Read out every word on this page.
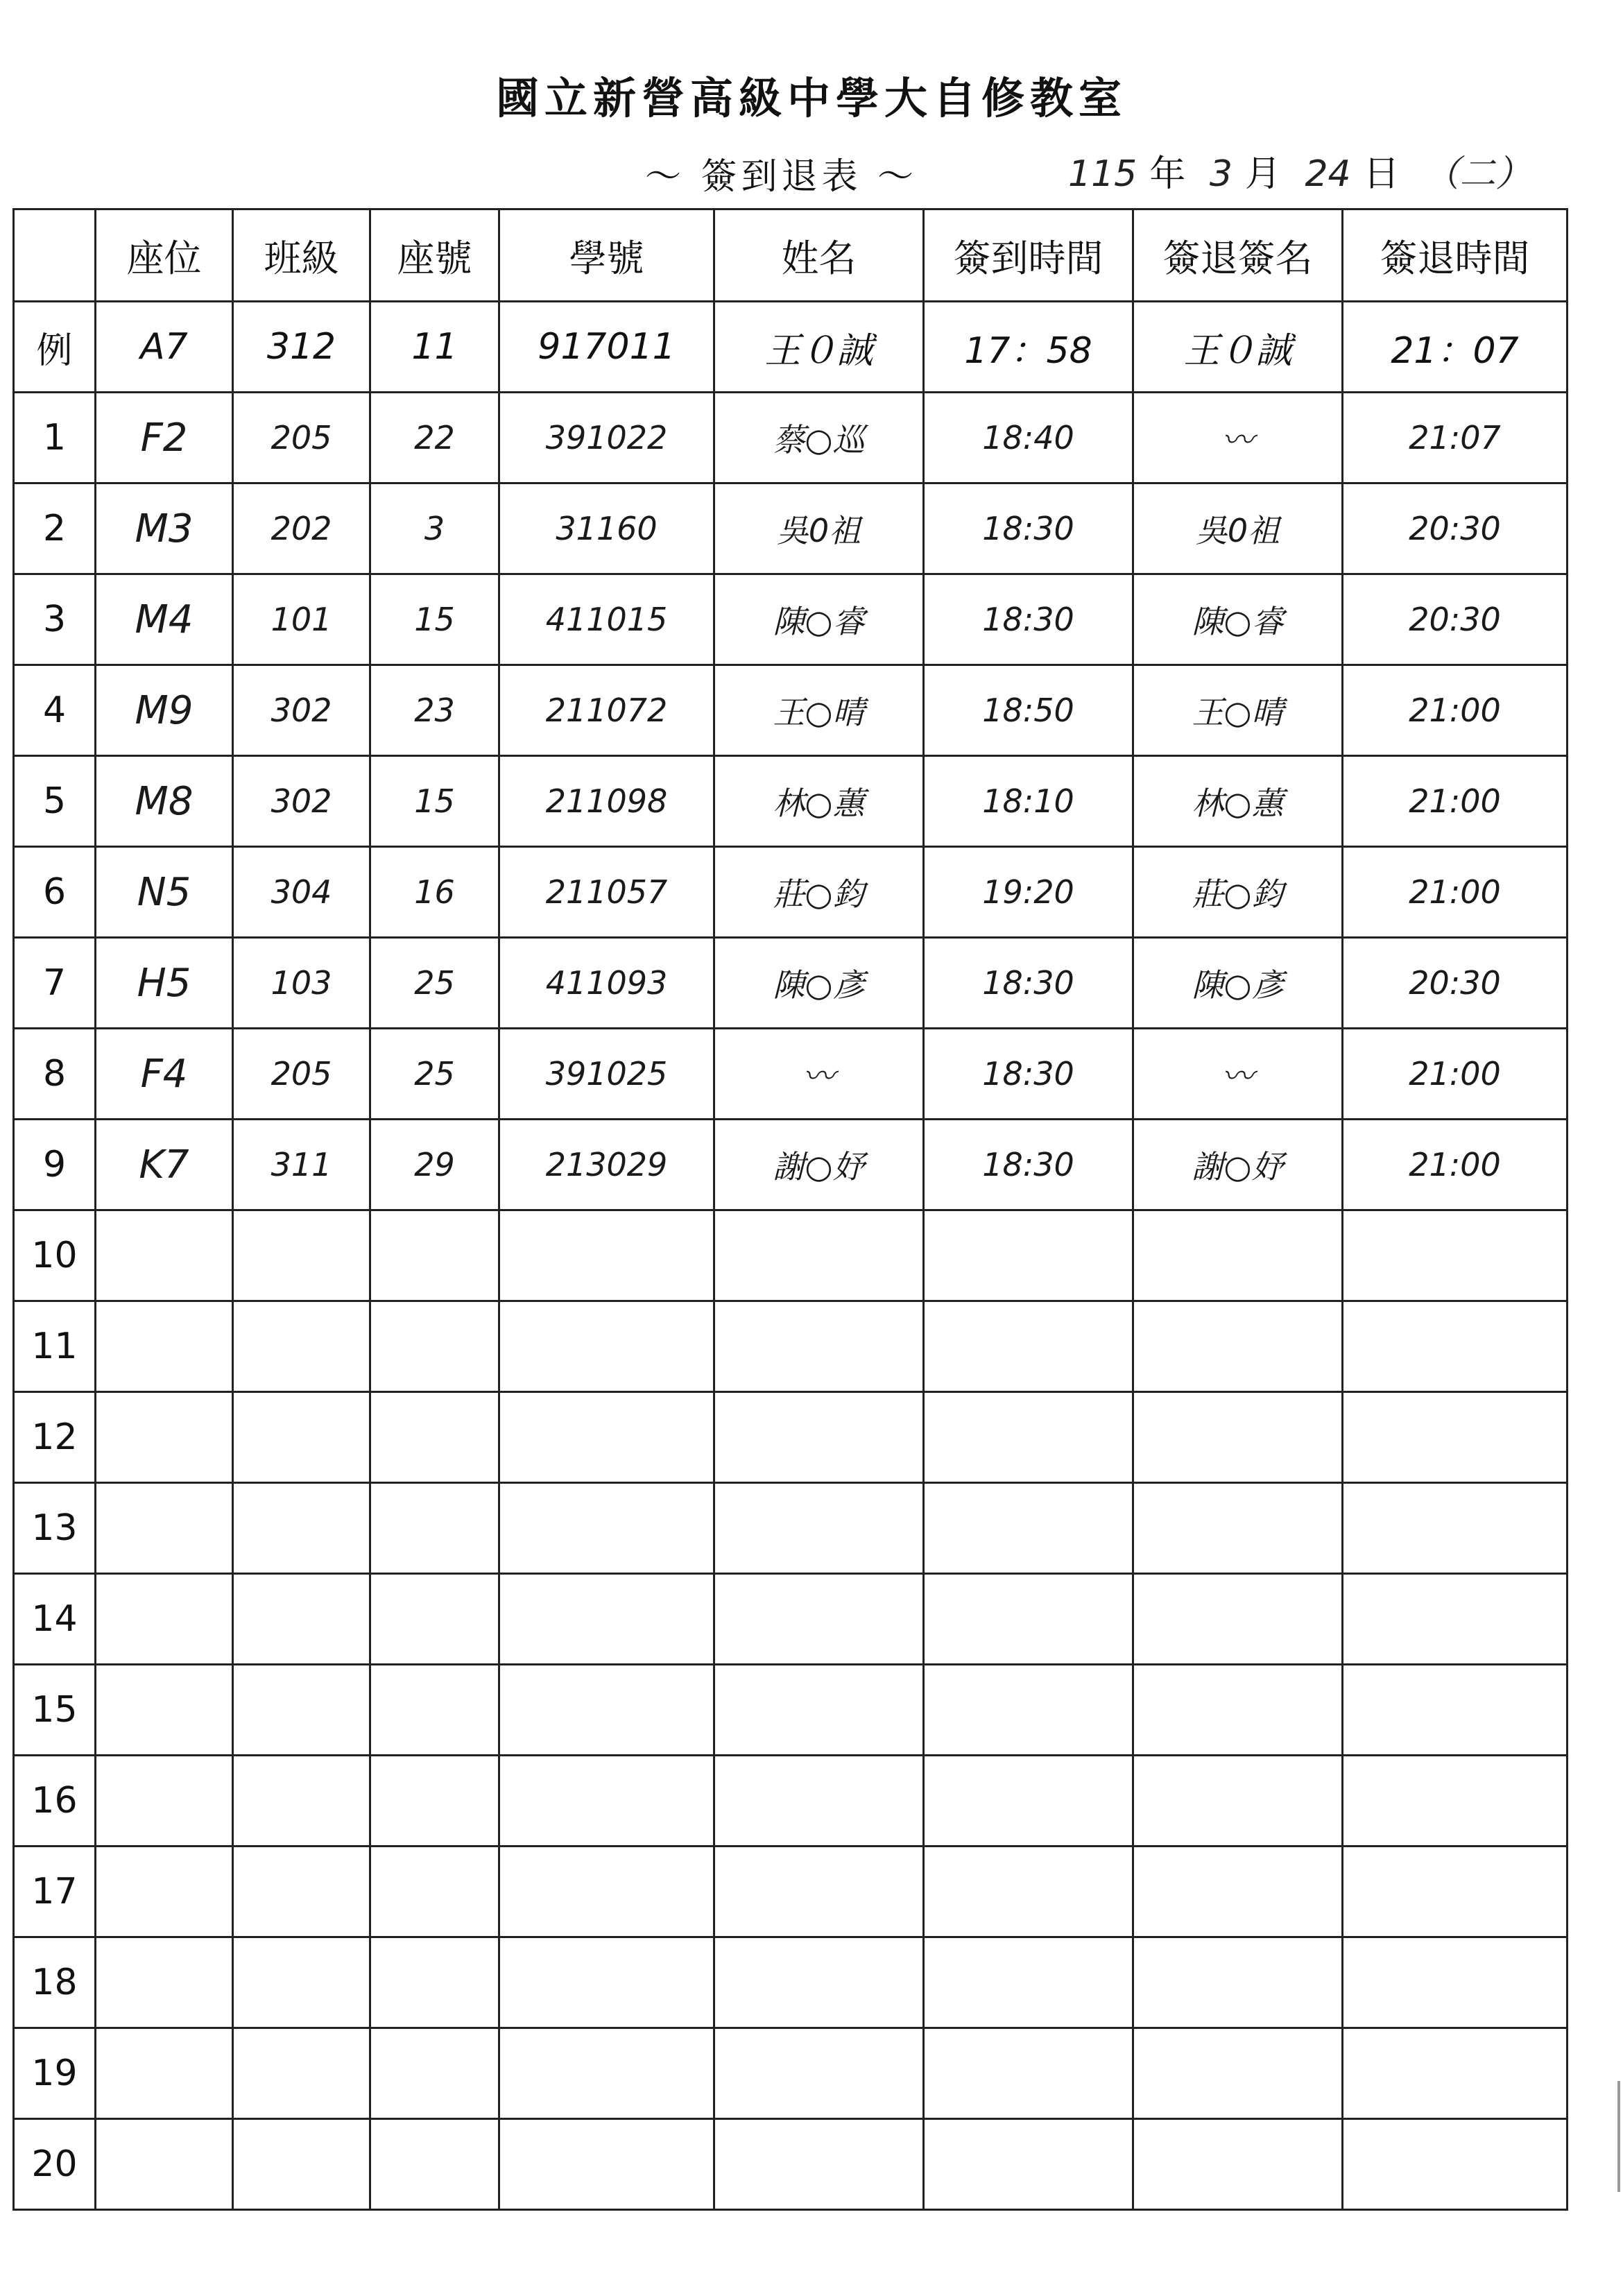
國立新營高級中學大自修教室
～ 簽到退表 ～	115 年 3 月 24 日 （二）
	座位	班級	座號	學號	姓名	簽到時間	簽退簽名	簽退時間
例	A7	312	11	917011	王０誠	17：58	王０誠	21：07
1	F2	205	22	391022	蔡○巡	18:40	〰	21:07
2	M3	202	3	31160	吳0祖	18:30	吳0祖	20:30
3	M4	101	15	411015	陳○睿	18:30	陳○睿	20:30
4	M9	302	23	211072	王○晴	18:50	王○晴	21:00
5	M8	302	15	211098	林○蕙	18:10	林○蕙	21:00
6	N5	304	16	211057	莊○鈞	19:20	莊○鈞	21:00
7	H5	103	25	411093	陳○彥	18:30	陳○彥	20:30
8	F4	205	25	391025	〰	18:30	〰	21:00
9	K7	311	29	213029	謝○妤	18:30	謝○妤	21:00
10								
11								
12								
13								
14								
15								
16								
17								
18								
19								
20								
